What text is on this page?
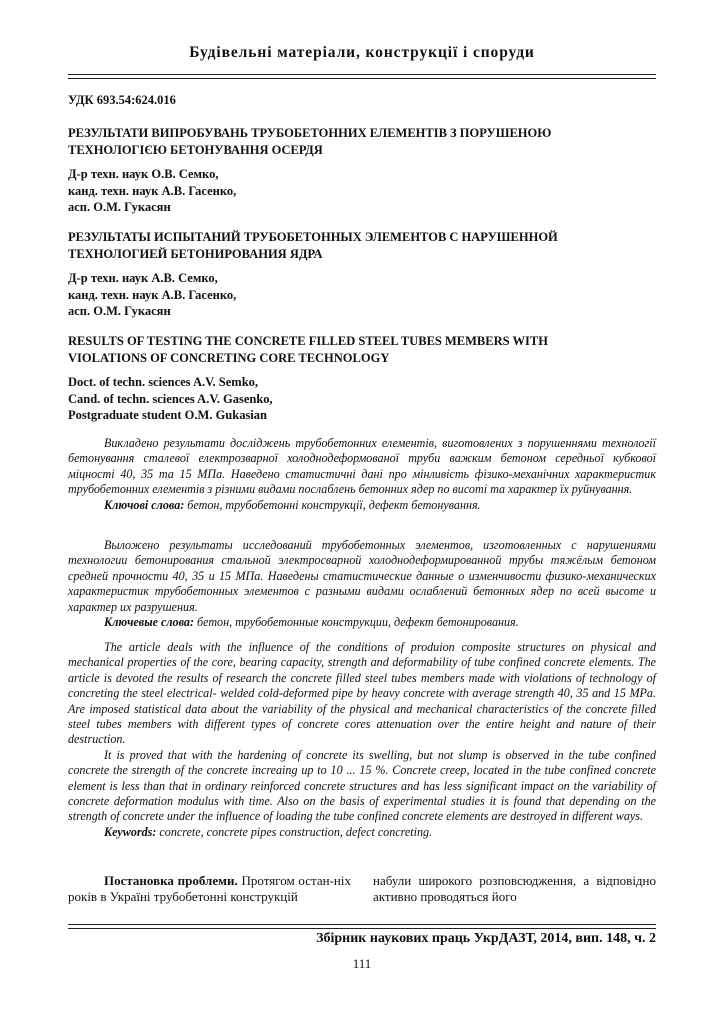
Будівельні матеріали, конструкції і споруди
УДК 693.54:624.016
РЕЗУЛЬТАТИ ВИПРОБУВАНЬ ТРУБОБЕТОННИХ ЕЛЕМЕНТІВ З ПОРУШЕНОЮ
ТЕХНОЛОГІЄЮ БЕТОНУВАННЯ ОСЕРДЯ
Д-р техн. наук О.В. Семко,
канд. техн. наук А.В. Гасенко,
асп. О.М. Гукасян
РЕЗУЛЬТАТЫ ИСПЫТАНИЙ ТРУБОБЕТОННЫХ ЭЛЕМЕНТОВ С НАРУШЕННОЙ
ТЕХНОЛОГИЕЙ БЕТОНИРОВАНИЯ ЯДРА
Д-р техн. наук А.В. Семко,
канд. техн. наук А.В. Гасенко,
асп. О.М. Гукасян
RESULTS OF TESTING THE CONCRETE FILLED STEEL TUBES MEMBERS WITH
VIOLATIONS OF CONCRETING CORE TECHNOLOGY
Doct. of techn. sciences A.V. Semko,
Cand. of techn. sciences A.V. Gasenko,
Postgraduate student O.M. Gukasian

Викладено результати досліджень трубобетонних елементів, виготовлених з порушеннями технології бетонування сталевої електрозварної холоднодеформованої труби важким бетоном середньої кубкової міцності 40, 35 та 15 МПа. Наведено статистичні дані про мінливість фізико-механічних характеристик трубобетонних елементів з різними видами послаблень бетонних ядер по висоті та характер їх руйнування.

Ключові слова: бетон, трубобетонні конструкції, дефект бетонування.

Выложено результаты исследований трубобетонных элементов, изготовленных с нарушениями технологии бетонирования стальной электросварной холоднодеформированной трубы тяжёлым бетоном средней прочности 40, 35 и 15 МПа. Наведены статистические данные о изменчивости физико-механических характеристик трубобетонных элементов с разными видами ослаблений бетонных ядер по всей высоте и характер их разрушения.

Ключевые слова: бетон, трубобетонные конструкции, дефект бетонирования.

The article deals with the influence of the conditions of produion composite structures on physical and mechanical properties of the core, bearing capacity, strength and deformability of tube confined concrete elements. The article is devoted the results of research the concrete filled steel tubes members made with violations of technology of concreting the steel electrical- welded cold-deformed pipe by heavy concrete with average strength 40, 35 and 15 MPa. Are imposed statistical data about the variability of the physical and mechanical characteristics of the concrete filled steel tubes members with different types of concrete cores attenuation over the entire height and nature of their destruction.

It is proved that with the hardening of concrete its swelling, but not slump is observed in the tube confined concrete the strength of the concrete increaing up to 10 ... 15 %. Concrete creep, located in the tube confined concrete element is less than that in ordinary reinforced concrete structures and has less significant impact on the variability of concrete deformation modulus with time. Also on the basis of experimental studies it is found that depending on the strength of concrete under the influence of loading the tube confined concrete elements are destroyed in different ways.

Keywords: concrete, concrete pipes construction, defect concreting.

Постановка проблеми. Протягом остан-ніх років в Україні трубобетонні конструкцій

набули широкого розповсюдження, а відповідно активно проводяться його

Збірник наукових праць УкрДАЗТ, 2014, вип. 148, ч. 2
111
